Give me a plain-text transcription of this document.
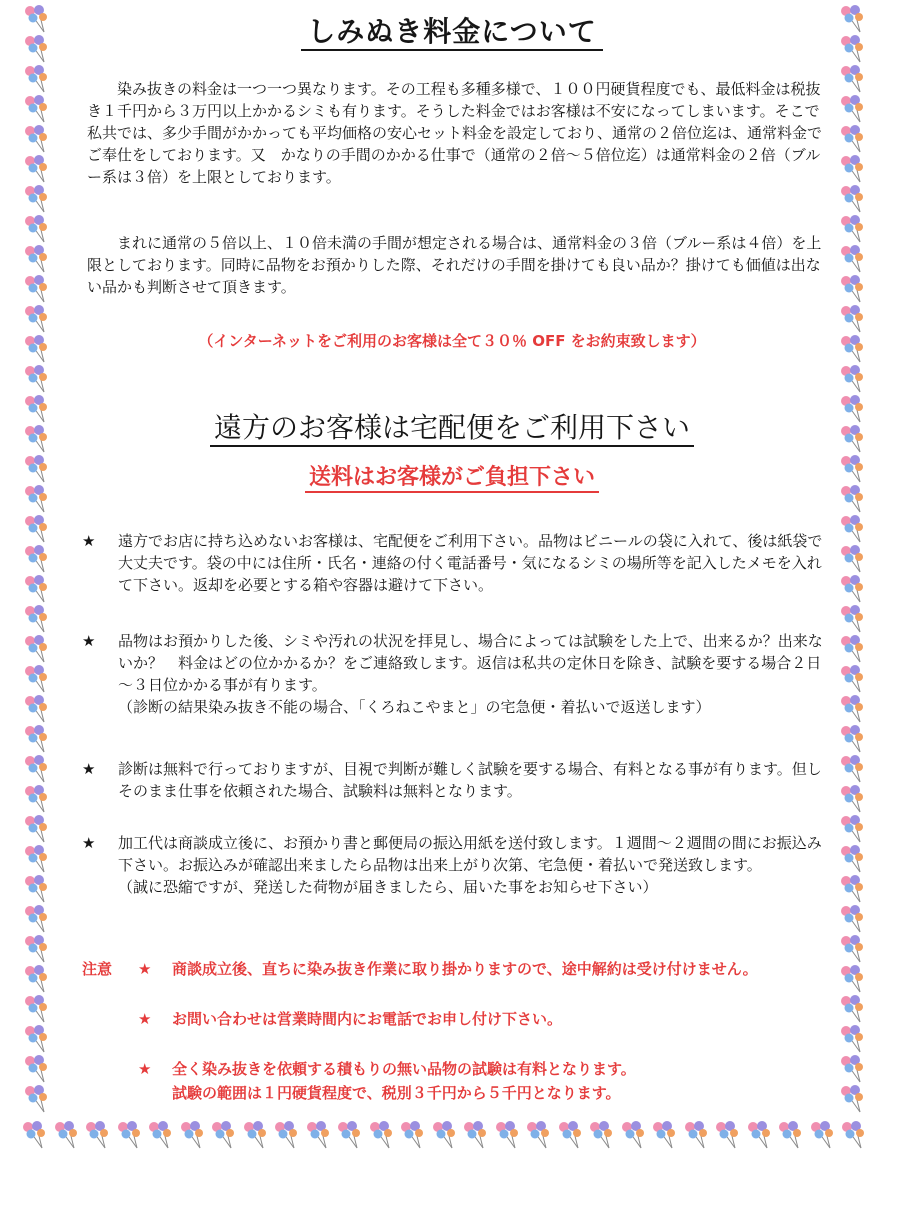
しみぬき料金について

染み抜きの料金は一つ一つ異なります。その工程も多種多様で、１００円硬貨程度でも、最低料金は税抜き１千円から３万円以上かかるシミも有ります。そうした料金ではお客様は不安になってしまいます。そこで私共では、多少手間がかかっても平均価格の安心セット料金を設定しており、通常の２倍位迄は、通常料金でご奉仕をしております。又　かなりの手間のかかる仕事で（通常の２倍～５倍位迄）は通常料金の２倍（ブルー系は３倍）を上限としております。

まれに通常の５倍以上、１０倍未満の手間が想定される場合は、通常料金の３倍（ブルー系は４倍）を上限としております。同時に品物をお預かりした際、それだけの手間を掛けても良い品か？掛けても価値は出ない品かも判断させて頂きます。

（インターネットをご利用のお客様は全て３０％ OFF をお約束致します）
遠方のお客様は宅配便をご利用下さい
送料はお客様がご負担下さい
★	遠方でお店に持ち込めないお客様は、宅配便をご利用下さい。品物はビニールの袋に入れて、後は紙袋で大丈夫です。袋の中には住所・氏名・連絡の付く電話番号・気になるシミの場所等を記入したメモを入れて下さい。返却を必要とする箱や容器は避けて下さい。
★	品物はお預かりした後、シミや汚れの状況を拝見し、場合によっては試験をした上で、出来るか？出来ないか？　料金はどの位かかるか？をご連絡致します。返信は私共の定休日を除き、試験を要する場合２日～３日位かかる事が有ります。
（診断の結果染み抜き不能の場合、「くろねこやまと」の宅急便・着払いで返送します）
★	診断は無料で行っておりますが、目視で判断が難しく試験を要する場合、有料となる事が有ります。但しそのまま仕事を依頼された場合、試験料は無料となります。
★	加工代は商談成立後に、お預かり書と郵便局の振込用紙を送付致します。１週間～２週間の間にお振込み下さい。お振込みが確認出来ましたら品物は出来上がり次第、宅急便・着払いで発送致します。
（誠に恐縮ですが、発送した荷物が届きましたら、届いた事をお知らせ下さい）
注意 ★ 商談成立後、直ちに染み抜き作業に取り掛かりますので、途中解約は受け付けません。
★ お問い合わせは営業時間内にお電話でお申し付け下さい。
★ 全く染み抜きを依頼する積もりの無い品物の試験は有料となります。
試験の範囲は１円硬貨程度で、税別３千円から５千円となります。
